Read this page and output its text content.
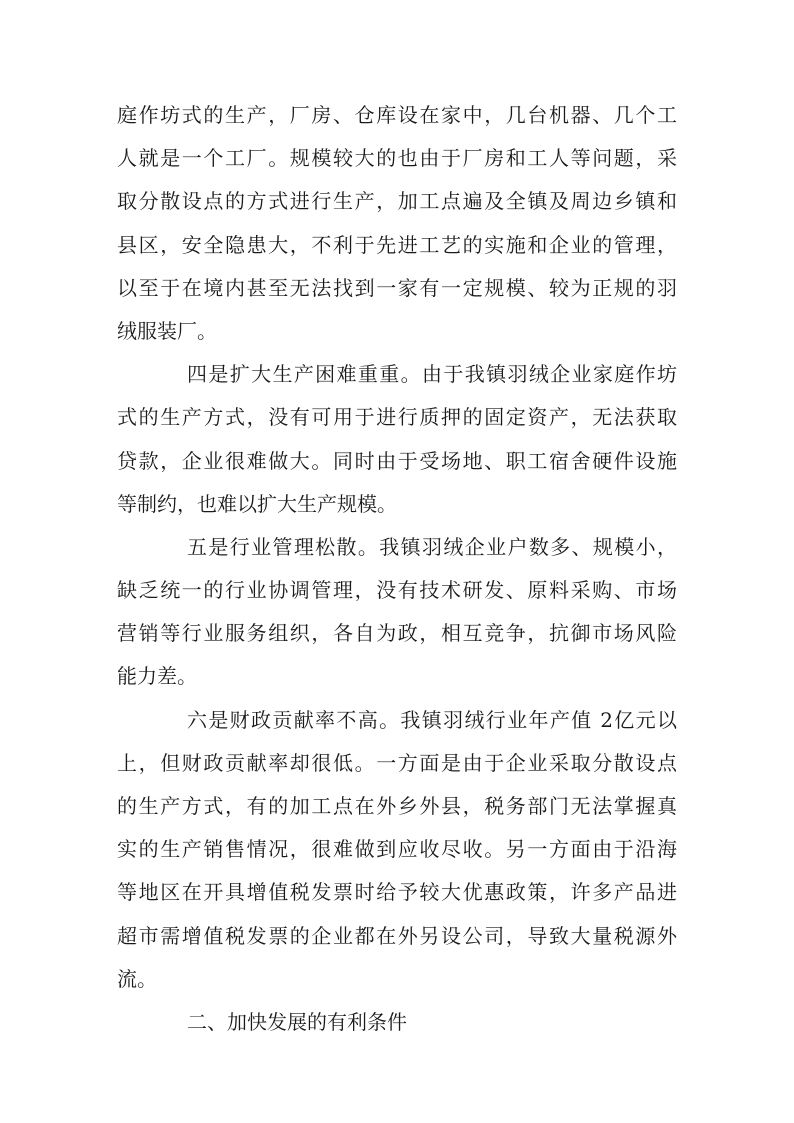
庭作坊式的生产，厂房、仓库设在家中，几台机器、几个工
人就是一个工厂。规模较大的也由于厂房和工人等问题，采
取分散设点的方式进行生产，加工点遍及全镇及周边乡镇和
县区，安全隐患大，不利于先进工艺的实施和企业的管理，
以至于在境内甚至无法找到一家有一定规模、较为正规的羽
绒服装厂。
四是扩大生产困难重重。由于我镇羽绒企业家庭作坊
式的生产方式，没有可用于进行质押的固定资产，无法获取
贷款，企业很难做大。同时由于受场地、职工宿舍硬件设施
等制约，也难以扩大生产规模。
五是行业管理松散。我镇羽绒企业户数多、规模小，
缺乏统一的行业协调管理，没有技术研发、原料采购、市场
营销等行业服务组织，各自为政，相互竞争，抗御市场风险
能力差。
六是财政贡献率不高。我镇羽绒行业年产值 2亿元以
上，但财政贡献率却很低。一方面是由于企业采取分散设点
的生产方式，有的加工点在外乡外县，税务部门无法掌握真
实的生产销售情况，很难做到应收尽收。另一方面由于沿海
等地区在开具增值税发票时给予较大优惠政策，许多产品进
超市需增值税发票的企业都在外另设公司，导致大量税源外
流。
二、加快发展的有利条件
